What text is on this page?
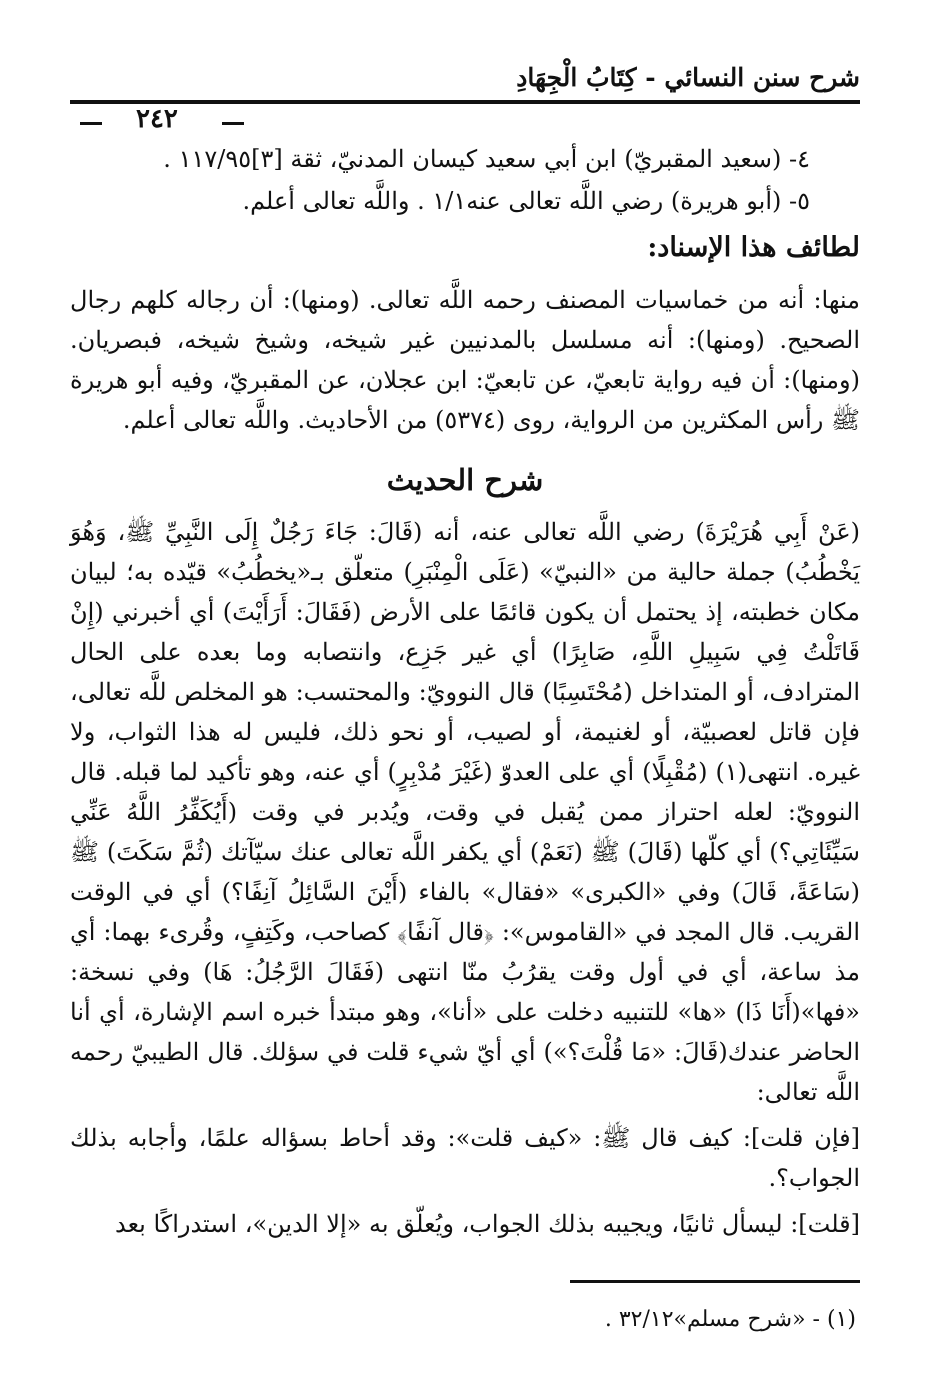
شرح سنن النسائي - كِتَابُ الْجِهَادِ
٢٤٢

٤- (سعيد المقبريّ) ابن أبي سعيد كيسان المدنيّ، ثقة [٣]١١٧/٩٥ .

٥- (أبو هريرة) رضي اللَّه تعالى عنه١/١ . واللَّه تعالى أعلم.

لطائف هذا الإسناد:

منها: أنه من خماسيات المصنف رحمه اللَّه تعالى. (ومنها): أن رجاله كلهم رجال الصحيح. (ومنها): أنه مسلسل بالمدنيين غير شيخه، وشيخ شيخه، فبصريان. (ومنها): أن فيه رواية تابعيّ، عن تابعيّ: ابن عجلان، عن المقبريّ، وفيه أبو هريرة ﷺ رأس المكثرين من الرواية، روى (٥٣٧٤) من الأحاديث. واللَّه تعالى أعلم.

شرح الحديث

(عَنْ أَبِي هُرَيْرَةَ) رضي اللَّه تعالى عنه، أنه (قَالَ: جَاءَ رَجُلٌ إِلَى النَّبِيِّ ﷺ، وَهُوَ يَخْطُبُ) جملة حالية من «النبيّ» (عَلَى الْمِنْبَرِ) متعلّق بـ«يخطُبُ» قيّده به؛ لبيان مكان خطبته، إذ يحتمل أن يكون قائمًا على الأرض (فَقَالَ: أَرَأَيْتَ) أي أخبرني (إِنْ قَاتَلْتُ فِي سَبِيلِ اللَّهِ، صَابِرًا) أي غير جَزِع، وانتصابه وما بعده على الحال المترادف، أو المتداخل (مُحْتَسِبًا) قال النوويّ: والمحتسب: هو المخلص للَّه تعالى، فإن قاتل لعصبيّة، أو لغنيمة، أو لصيب، أو نحو ذلك، فليس له هذا الثواب، ولا غيره. انتهى(١) (مُقْبِلًا) أي على العدوّ (غَيْرَ مُدْبِرٍ) أي عنه، وهو تأكيد لما قبله. قال النوويّ: لعله احتراز ممن يُقبل في وقت، ويُدبر في وقت (أَيُكَفِّرُ اللَّهُ عَنِّي سَيِّئَاتِي؟) أي كلّها (قَالَ) ﷺ (نَعَمْ) أي يكفر اللَّه تعالى عنك سيّآتك (ثُمَّ سَكَتَ) ﷺ (سَاعَةً، قَالَ) وفي «الكبرى» «فقال» بالفاء (أَيْنَ السَّائِلُ آنِفًا؟) أي في الوقت القريب. قال المجد في «القاموس»: ﴿قال آنفًا﴾ كصاحب، وكَتِفٍ، وقُرىء بهما: أي مذ ساعة، أي في أول وقت يقرُبُ منّا انتهى (فَقَالَ الرَّجُلُ: هَا) وفي نسخة: «فها»(أَنَا ذَا) «ها» للتنبيه دخلت على «أنا»، وهو مبتدأ خبره اسم الإشارة، أي أنا الحاضر عندك(قَالَ: «مَا قُلْتَ؟») أي أيّ شيء قلت في سؤلك. قال الطيبيّ رحمه اللَّه تعالى:

[فإن قلت]: كيف قال ﷺ: «كيف قلت»: وقد أحاط بسؤاله علمًا، وأجابه بذلك الجواب؟.

[قلت]: ليسأل ثانيًا، ويجيبه بذلك الجواب، ويُعلّق به «إلا الدين»، استدراكًا بعد

(١) - «شرح مسلم»٣٢/١٢ .
